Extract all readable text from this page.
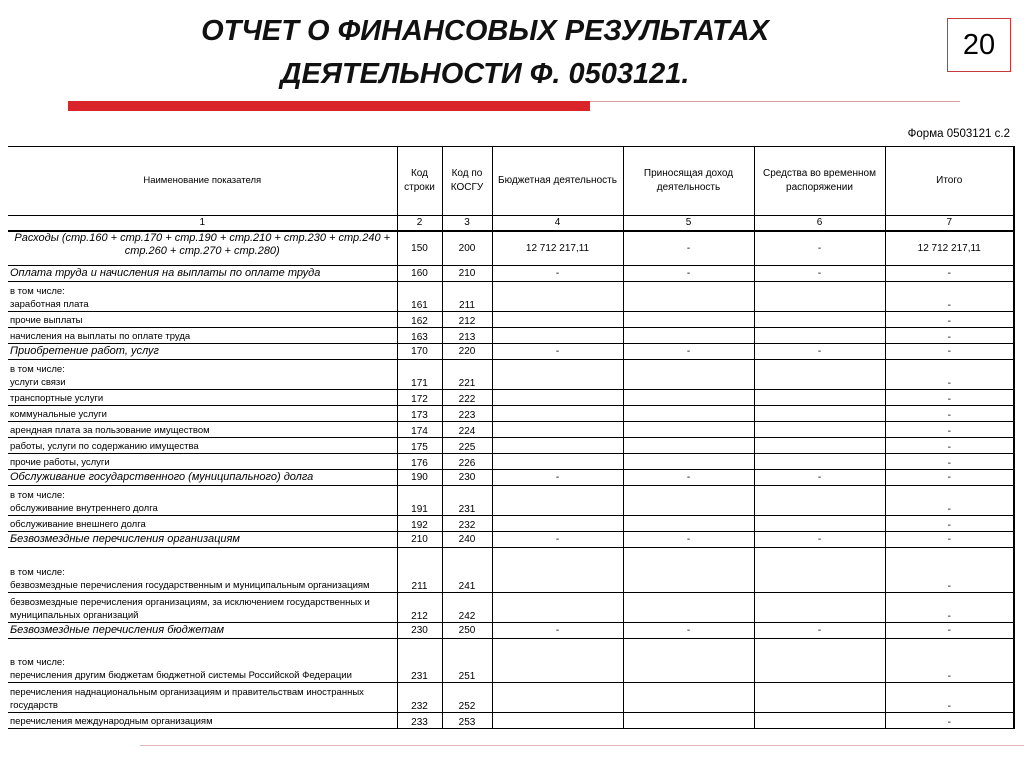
ОТЧЕТ О ФИНАНСОВЫХ РЕЗУЛЬТАТАХ
ДЕЯТЕЛЬНОСТИ Ф. 0503121.
20
Форма 0503121 с.2
Наименование показателя	Код строки	Код по КОСГУ	Бюджетная деятельность	Приносящая доход деятельность	Средства во временном распоряжении	Итого
1	2	3	4	5	6	7

Расходы (стр.160 + стр.170 + стр.190 + стр.210 + стр.230 + стр.240 + стр.260 + стр.270 + стр.280)	150	200	12 712 217,11	-	-	12 712 217,11

Оплата труда и начисления на выплаты по оплате труда	160	210	-	-	-	-

в том числе:
заработная плата	161	211				-

прочие выплаты	162	212				-

начисления на выплаты по оплате труда	163	213				-

Приобретение работ, услуг	170	220	-	-	-	-

в том числе:
услуги связи	171	221				-

транспортные услуги	172	222				-

коммунальные услуги	173	223				-

арендная плата за пользование имуществом	174	224				-

работы, услуги по содержанию имущества	175	225				-

прочие работы, услуги	176	226				-

Обслуживание государственного (муниципального) долга	190	230	-	-	-	-

в том числе:
обслуживание внутреннего долга	191	231				-

обслуживание внешнего долга	192	232				-

Безвозмездные перечисления организациям	210	240	-	-	-	-

в том числе:
безвозмездные перечисления государственным и муниципальным организациям	211	241				-

безвозмездные перечисления организациям, за исключением государственных и муниципальных организаций	212	242				-

Безвозмездные перечисления бюджетам	230	250	-	-	-	-

в том числе:
перечисления другим бюджетам бюджетной системы Российской Федерации	231	251				-

перечисления наднациональным организациям и правительствам иностранных государств	232	252				-

перечисления международным организациям	233	253				-
